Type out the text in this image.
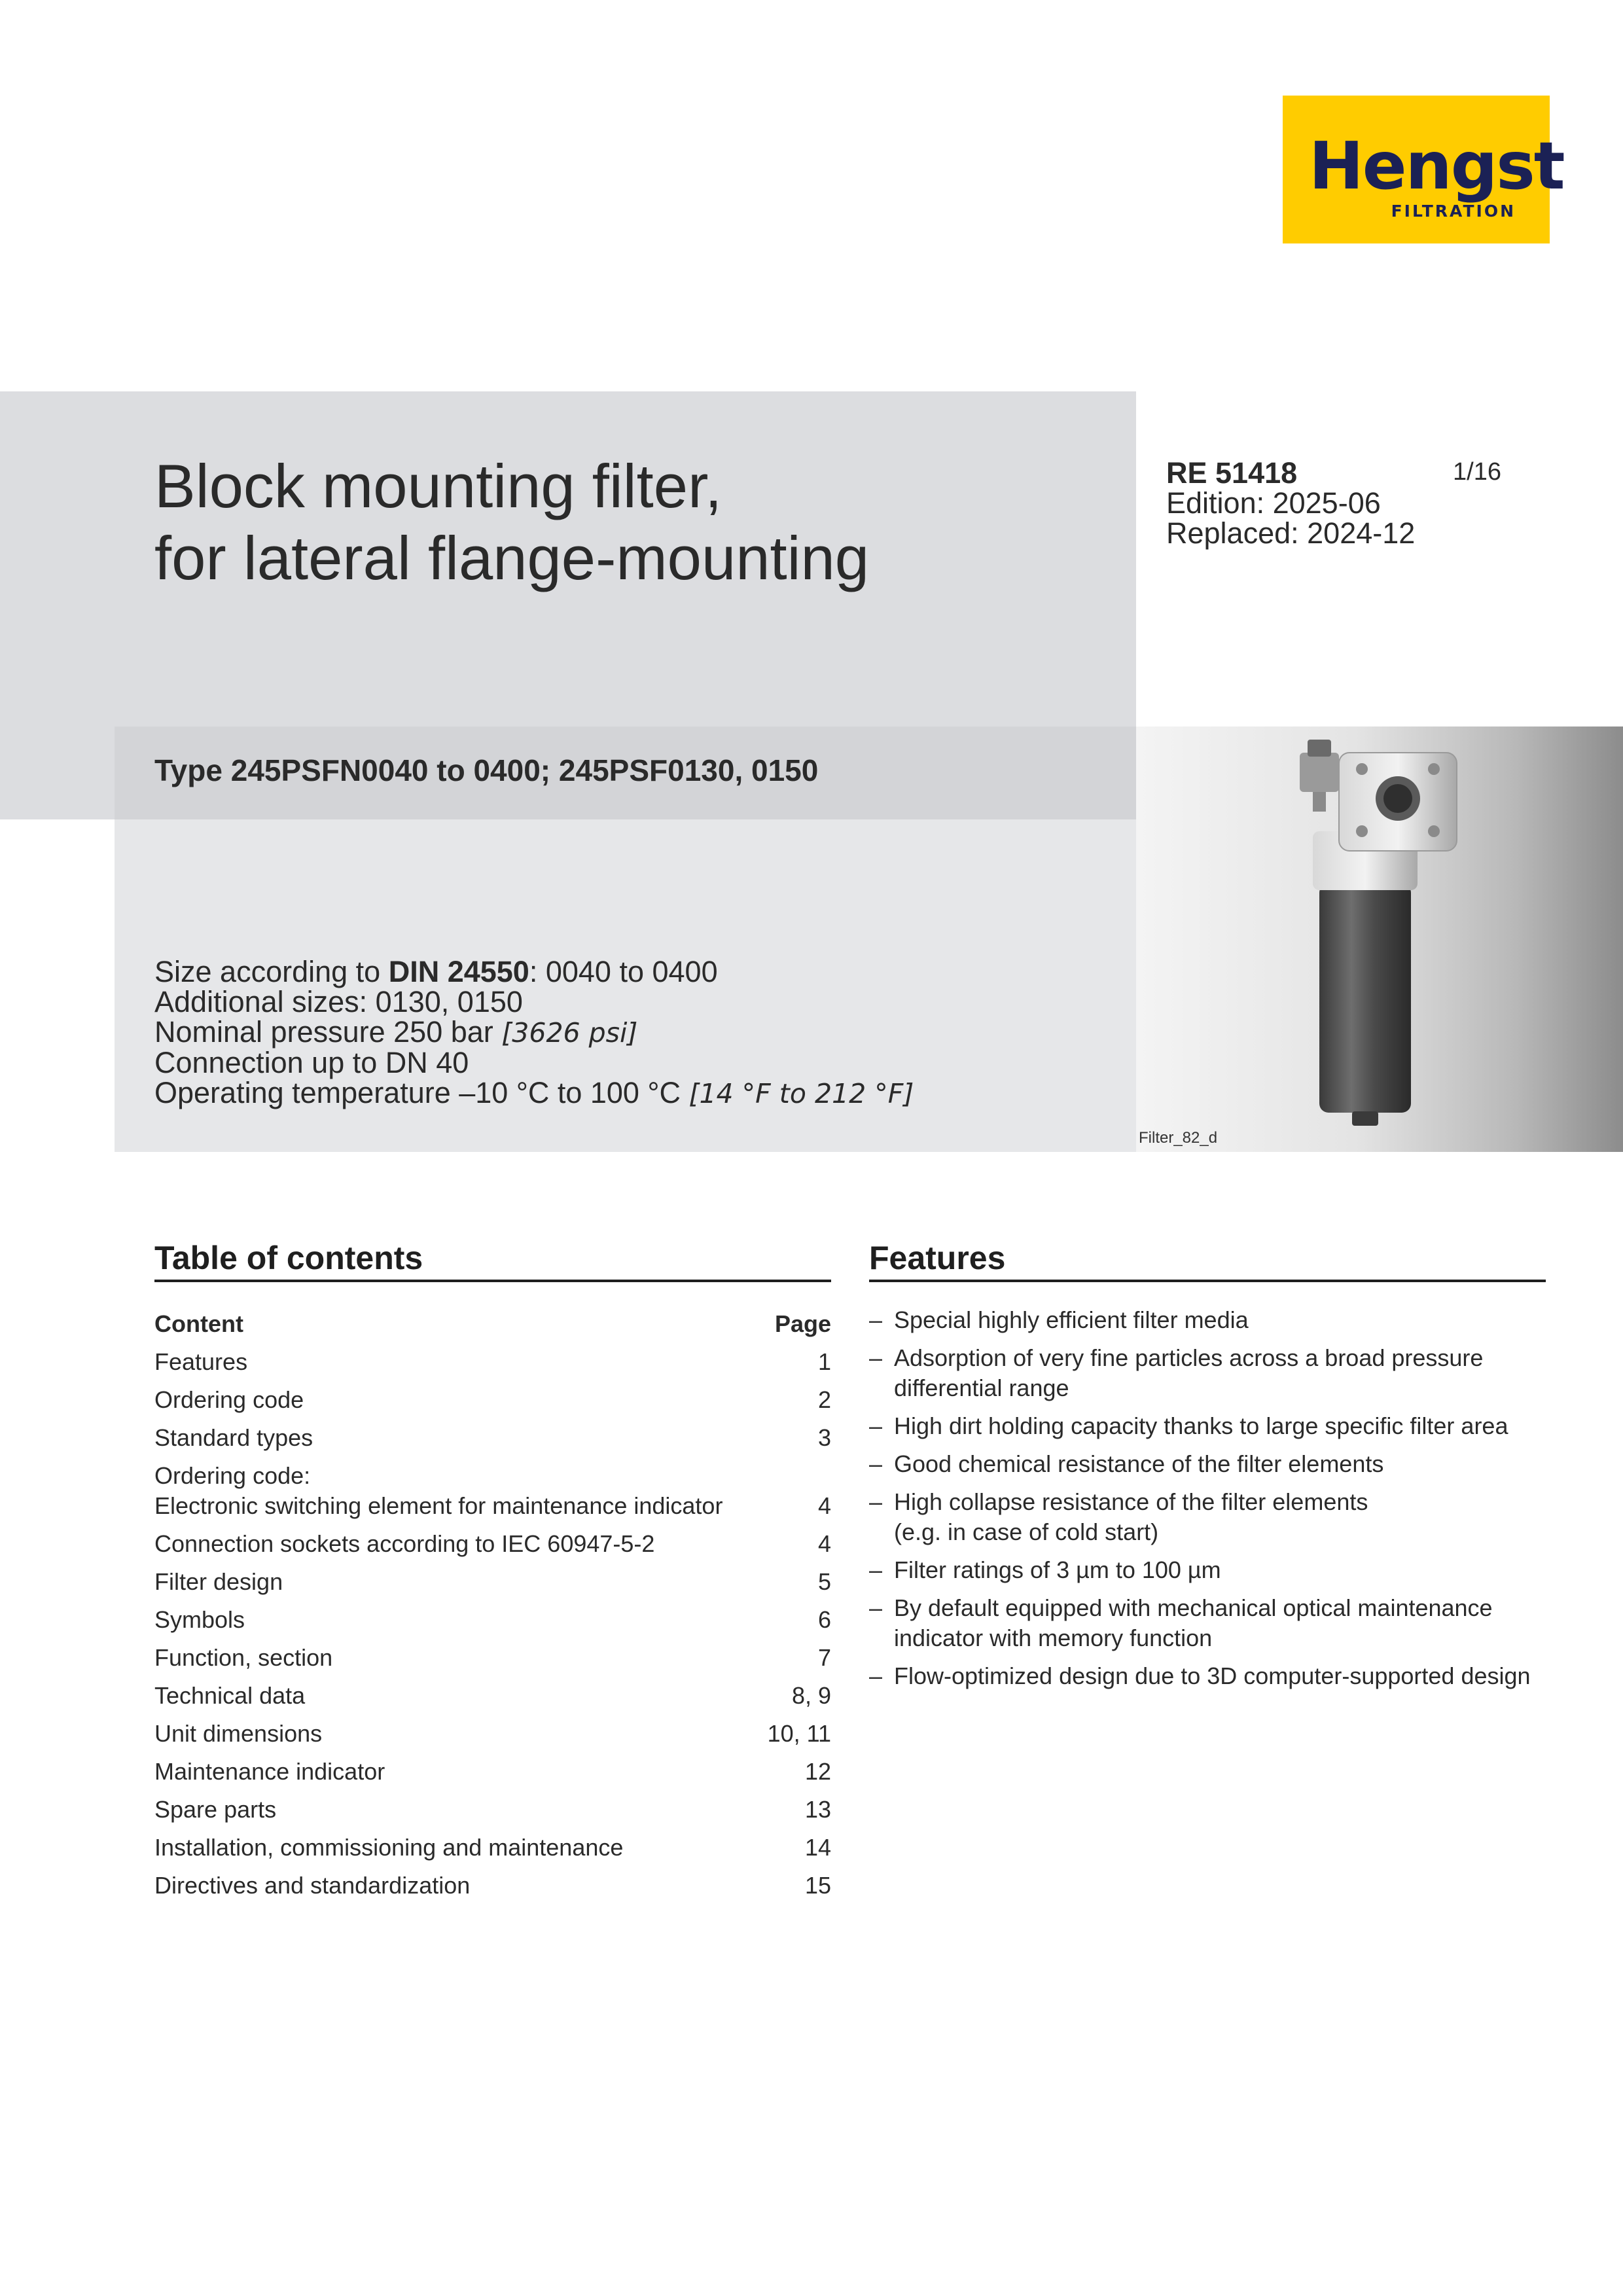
Hengst
FILTRATION
Block mounting filter,
for lateral flange-mounting
Type 245PSFN0040 to 0400; 245PSF0130, 0150
Size according to DIN 24550: 0040 to 0400
Additional sizes: 0130, 0150
Nominal pressure 250 bar [3626 psi]
Connection up to DN 40
Operating temperature –10 °C to 100 °C [14 °F to 212 °F]
RE 51418
Edition: 2025-06
Replaced: 2024-12
1/16
Filter_82_d
Table of contents
Content	Page
Features	1
Ordering code	2
Standard types	3
Ordering code:
Electronic switching element for maintenance indicator	4
Connection sockets according to IEC 60947-5-2	4
Filter design	5
Symbols	6
Function, section	7
Technical data	8, 9
Unit dimensions	10, 11
Maintenance indicator	12
Spare parts	13
Installation, commissioning and maintenance	14
Directives and standardization	15
Features
– Special highly efficient filter media
– Adsorption of very fine particles across a broad pressure
differential range
– High dirt holding capacity thanks to large specific filter area
– Good chemical resistance of the filter elements
– High collapse resistance of the filter elements
(e.g. in case of cold start)
– Filter ratings of 3 µm to 100 µm
– By default equipped with mechanical optical maintenance
indicator with memory function
– Flow-optimized design due to 3D computer-supported design
